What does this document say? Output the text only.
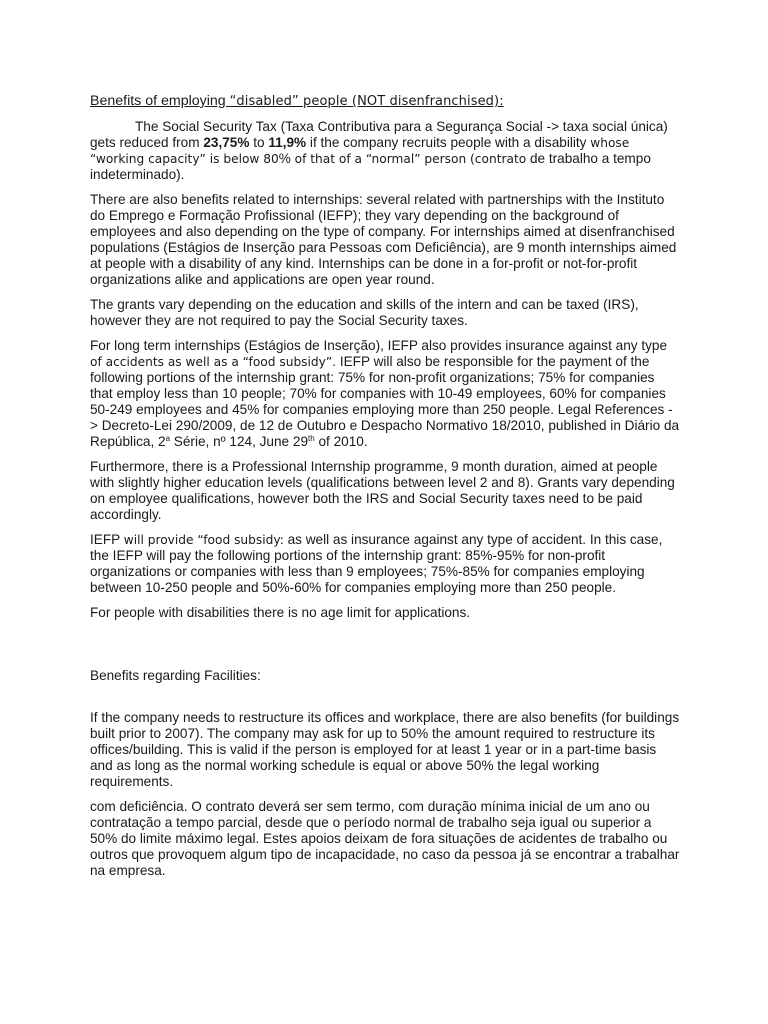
Benefits of employing “disabled” people (NOT disenfranchised):

The Social Security Tax (Taxa Contributiva para a Segurança Social -> taxa social única) gets reduced from 23,75% to 11,9% if the company recruits people with a disability whose “working capacity” is below 80% of that of a “normal” person (contrato de trabalho a tempo indeterminado).

There are also benefits related to internships: several related with partnerships with the Instituto do Emprego e Formação Profissional (IEFP); they vary depending on the background of employees and also depending on the type of company. For internships aimed at disenfranchised populations (Estágios de Inserção para Pessoas com Deficiência), are 9 month internships aimed at people with a disability of any kind. Internships can be done in a for-profit or not-for-profit organizations alike and applications are open year round.

The grants vary depending on the education and skills of the intern and can be taxed (IRS), however they are not required to pay the Social Security taxes.

For long term internships (Estágios de Inserção), IEFP also provides insurance against any type of accidents as well as a “food subsidy”. IEFP will also be responsible for the payment of the following portions of the internship grant: 75% for non-profit organizations; 75% for companies that employ less than 10 people; 70% for companies with 10-49 employees, 60% for companies 50-249 employees and 45% for companies employing more than 250 people. Legal References -> Decreto-Lei 290/2009, de 12 de Outubro e Despacho Normativo 18/2010, published in Diário da República, 2$^a$ Série, nº 124, June 29th of 2010.

Furthermore, there is a Professional Internship programme, 9 month duration, aimed at people with slightly higher education levels (qualifications between level 2 and 8). Grants vary depending on employee qualifications, however both the IRS and Social Security taxes need to be paid accordingly.

IEFP will provide “food subsidy: as well as insurance against any type of accident. In this case, the IEFP will pay the following portions of the internship grant: 85%-95% for non-profit organizations or companies with less than 9 employees; 75%-85% for companies employing between 10-250 people and 50%-60% for companies employing more than 250 people.

For people with disabilities there is no age limit for applications.

Benefits regarding Facilities:

If the company needs to restructure its offices and workplace, there are also benefits (for buildings built prior to 2007). The company may ask for up to 50% the amount required to restructure its offices/building. This is valid if the person is employed for at least 1 year or in a part-time basis and as long as the normal working schedule is equal or above 50% the legal working requirements.

com deficiência. O contrato deverá ser sem termo, com duração mínima inicial de um ano ou contratação a tempo parcial, desde que o período normal de trabalho seja igual ou superior a 50% do limite máximo legal. Estes apoios deixam de fora situações de acidentes de trabalho ou outros que provoquem algum tipo de incapacidade, no caso da pessoa já se encontrar a trabalhar na empresa.
